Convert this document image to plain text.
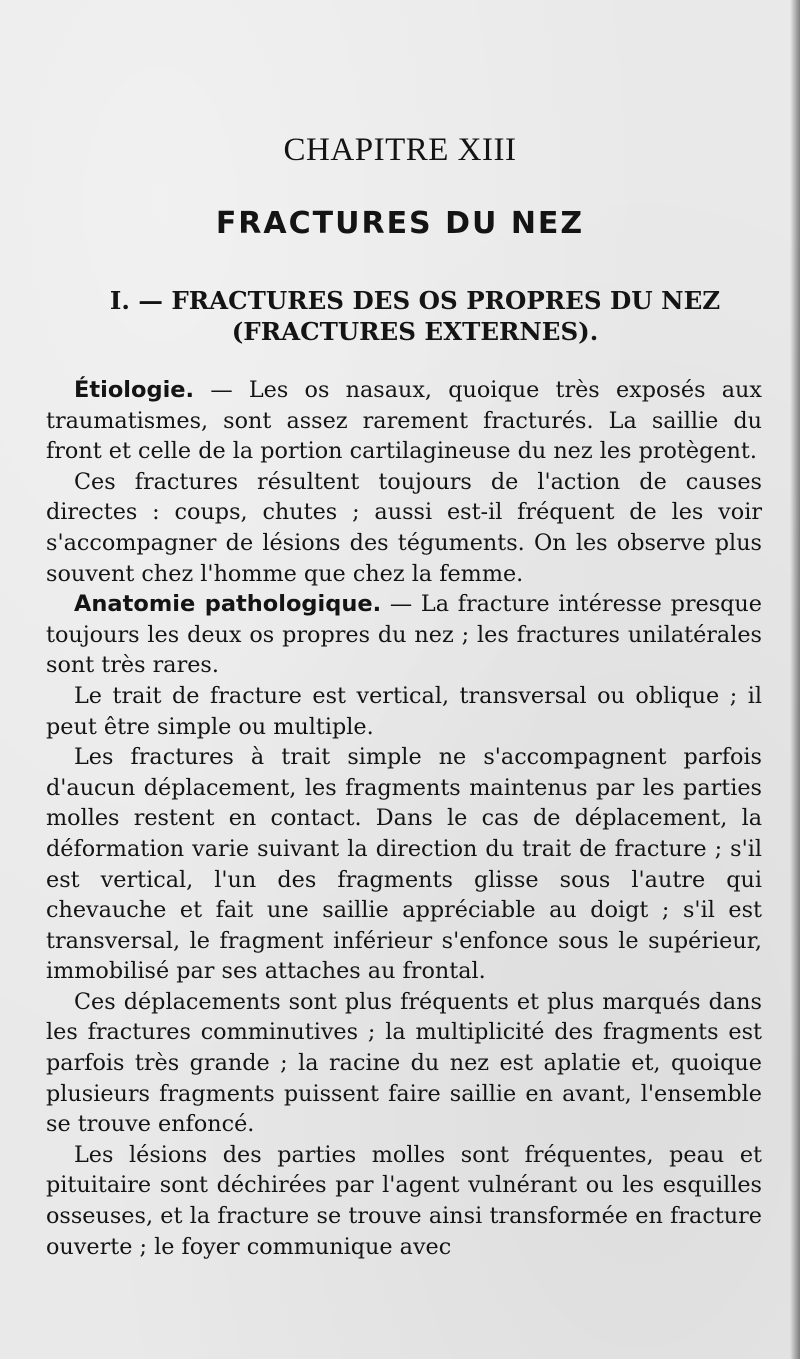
CHAPITRE XIII
FRACTURES DU NEZ
I. — FRACTURES DES OS PROPRES DU NEZ
(FRACTURES EXTERNES).

Étiologie. — Les os nasaux, quoique très exposés aux traumatismes, sont assez rarement fracturés. La saillie du front et celle de la portion cartilagineuse du nez les protègent.

Ces fractures résultent toujours de l'action de causes directes : coups, chutes ; aussi est-il fréquent de les voir s'accompagner de lésions des téguments. On les observe plus souvent chez l'homme que chez la femme.

Anatomie pathologique. — La fracture intéresse presque toujours les deux os propres du nez ; les fractures unilatérales sont très rares.

Le trait de fracture est vertical, transversal ou oblique ; il peut être simple ou multiple.

Les fractures à trait simple ne s'accompagnent parfois d'aucun déplacement, les fragments maintenus par les parties molles restent en contact. Dans le cas de déplacement, la déformation varie suivant la direction du trait de fracture ; s'il est vertical, l'un des fragments glisse sous l'autre qui chevauche et fait une saillie appréciable au doigt ; s'il est transversal, le fragment inférieur s'enfonce sous le supérieur, immobilisé par ses attaches au frontal.

Ces déplacements sont plus fréquents et plus marqués dans les fractures comminutives ; la multiplicité des fragments est parfois très grande ; la racine du nez est aplatie et, quoique plusieurs fragments puissent faire saillie en avant, l'ensemble se trouve enfoncé.

Les lésions des parties molles sont fréquentes, peau et pituitaire sont déchirées par l'agent vulnérant ou les esquilles osseuses, et la fracture se trouve ainsi transformée en fracture ouverte ; le foyer communique avec
